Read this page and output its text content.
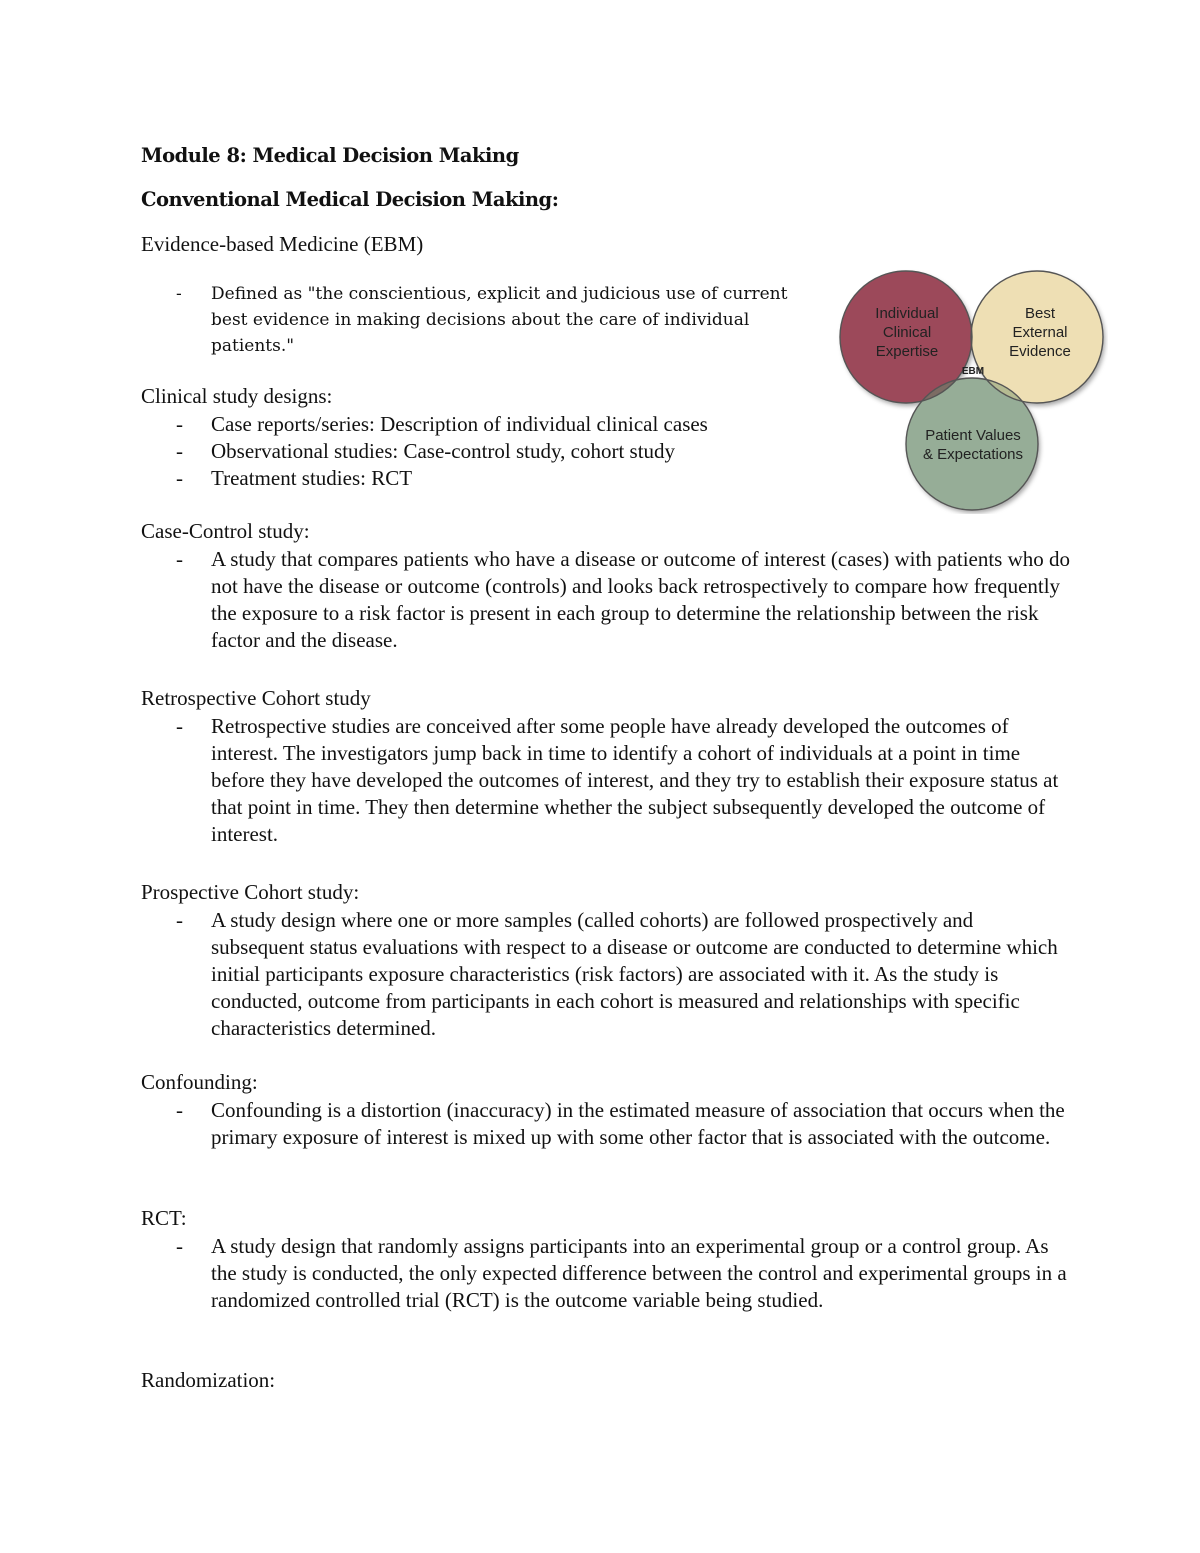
Module 8: Medical Decision Making
Conventional Medical Decision Making:

Evidence-based Medicine (EBM)

- Defined as "the conscientious, explicit and judicious use of current best evidence in making decisions about the care of individual patients."

Clinical study designs:

- Case reports/series: Description of individual clinical cases
- Observational studies: Case-control study, cohort study
- Treatment studies: RCT

Case-Control study:

- A study that compares patients who have a disease or outcome of interest (cases) with patients who do not have the disease or outcome (controls) and looks back retrospectively to compare how frequently the exposure to a risk factor is present in each group to determine the relationship between the risk factor and the disease.

Retrospective Cohort study

- Retrospective studies are conceived after some people have already developed the outcomes of interest. The investigators jump back in time to identify a cohort of individuals at a point in time before they have developed the outcomes of interest, and they try to establish their exposure status at that point in time. They then determine whether the subject subsequently developed the outcome of interest.

Prospective Cohort study:

- A study design where one or more samples (called cohorts) are followed prospectively and subsequent status evaluations with respect to a disease or outcome are conducted to determine which initial participants exposure characteristics (risk factors) are associated with it. As the study is conducted, outcome from participants in each cohort is measured and relationships with specific characteristics determined.

Confounding:

- Confounding is a distortion (inaccuracy) in the estimated measure of association that occurs when the primary exposure of interest is mixed up with some other factor that is associated with the outcome.

RCT:

- A study design that randomly assigns participants into an experimental group or a control group. As the study is conducted, the only expected difference between the control and experimental groups in a randomized controlled trial (RCT) is the outcome variable being studied.

Randomization:

Individual
Clinical
Expertise
Best
External
Evidence
Patient Values
& Expectations
EBM
